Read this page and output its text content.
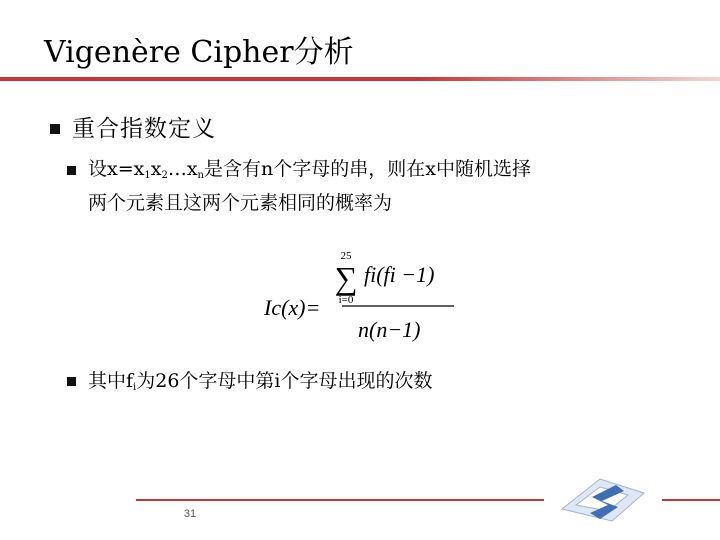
Vigenère Cipher分析
重合指数定义
设$x=x_1x_2\dots x_n$是含有n个字母的串，则在x中随机选择
两个元素且这两个元素相同的概率为
25
∑
i=0
fi(fi −1)
Ic(x)=
n(n−1)
其中$f_i$为26个字母中第i个字母出现的次数
31
